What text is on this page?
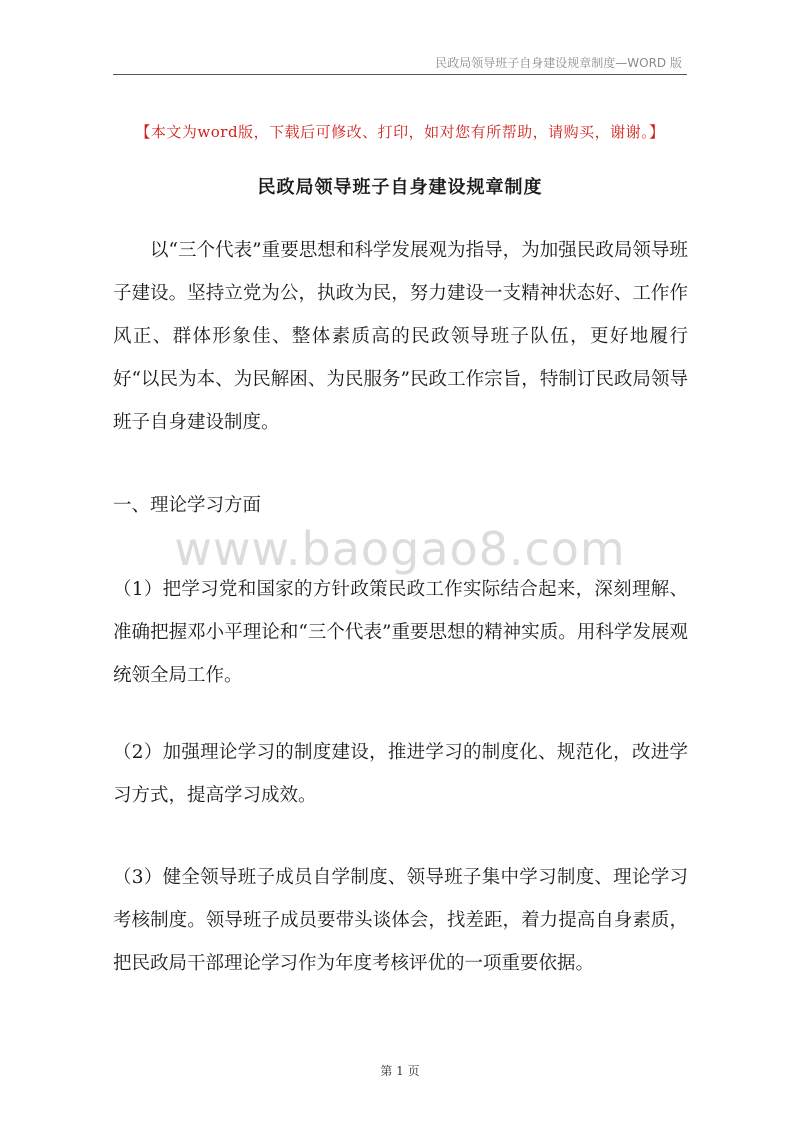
民政局领导班子自身建设规章制度—WORD 版
【本文为word版，下载后可修改、打印，如对您有所帮助，请购买，谢谢。】
民政局领导班子自身建设规章制度

以“三个代表”重要思想和科学发展观为指导，为加强民政局领导班子建设。坚持立党为公，执政为民，努力建设一支精神状态好、工作作风正、群体形象佳、整体素质高的民政领导班子队伍，更好地履行好“以民为本、为民解困、为民服务”民政工作宗旨，特制订民政局领导班子自身建设制度。

一、理论学习方面

www.baogao8.com

（1）把学习党和国家的方针政策民政工作实际结合起来，深刻理解、准确把握邓小平理论和“三个代表”重要思想的精神实质。用科学发展观统领全局工作。

（2）加强理论学习的制度建设，推进学习的制度化、规范化，改进学习方式，提高学习成效。

（3）健全领导班子成员自学制度、领导班子集中学习制度、理论学习考核制度。领导班子成员要带头谈体会，找差距，着力提高自身素质，把民政局干部理论学习作为年度考核评优的一项重要依据。

第 1 页
